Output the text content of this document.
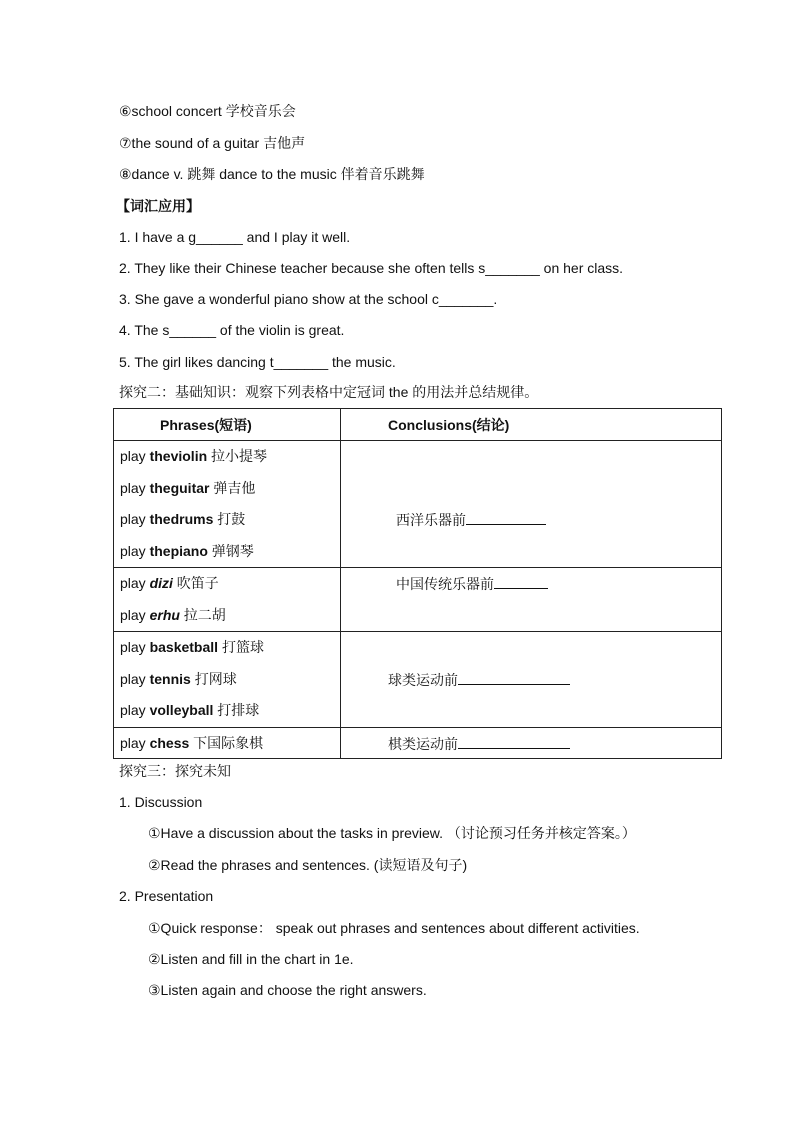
⑥school concert 学校音乐会
⑦the sound of a guitar 吉他声
⑧dance v. 跳舞 dance to the music 伴着音乐跳舞
【词汇应用】
1. I have a g______ and I play it well.
2. They like their Chinese teacher because she often tells s_______ on her class.
3. She gave a wonderful piano show at the school c_______.
4. The s______ of the violin is great.
5. The girl likes dancing t_______ the music.
探究二：基础知识：观察下列表格中定冠词 the 的用法并总结规律。
Phrases(短语)	Conclusions(结论)

play theviolin 拉小提琴
play theguitar 弹吉他
play thedrums 打鼓
play thepiano 弹钢琴	西洋乐器前

play dizi 吹笛子
play erhu 拉二胡	中国传统乐器前

play basketball 打篮球
play tennis 打网球
play volleyball 打排球	球类运动前

play chess 下国际象棋	棋类运动前
探究三：探究未知
1. Discussion
①Have a discussion about the tasks in preview. （讨论预习任务并核定答案。）
②Read the phrases and sentences. (读短语及句子)
2. Presentation
①Quick response： speak out phrases and sentences about different activities.
②Listen and fill in the chart in 1e.
③Listen again and choose the right answers.
